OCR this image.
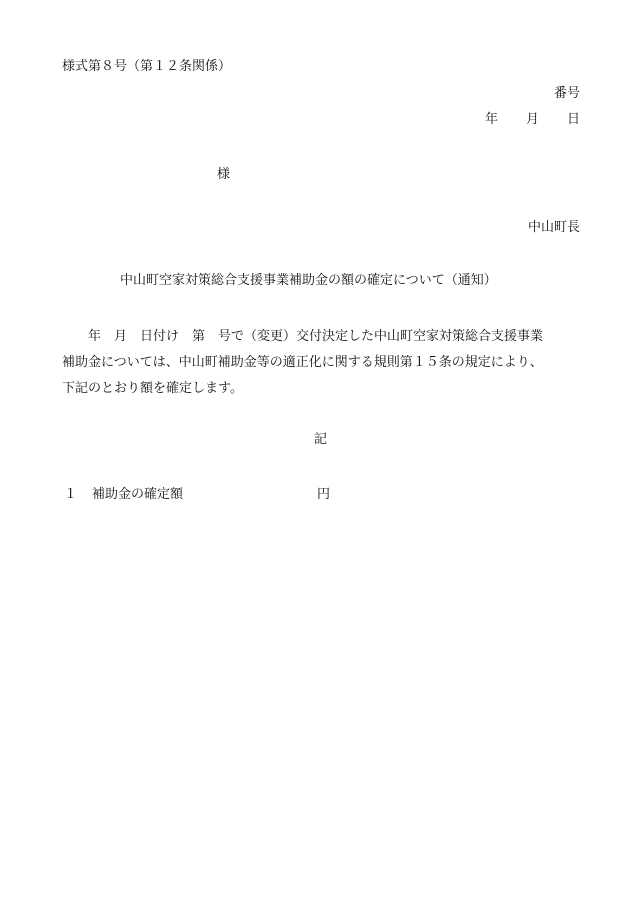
様式第８号（第１２条関係）
番号
年 月 日
様
中山町長
中山町空家対策総合支援事業補助金の額の確定について（通知）
　　年　月　日付け　第　号で（変更）交付決定した中山町空家対策総合支援事業
補助金については、中山町補助金等の適正化に関する規則第１５条の規定により、
下記のとおり額を確定します。
記
１ 補助金の確定額	円
